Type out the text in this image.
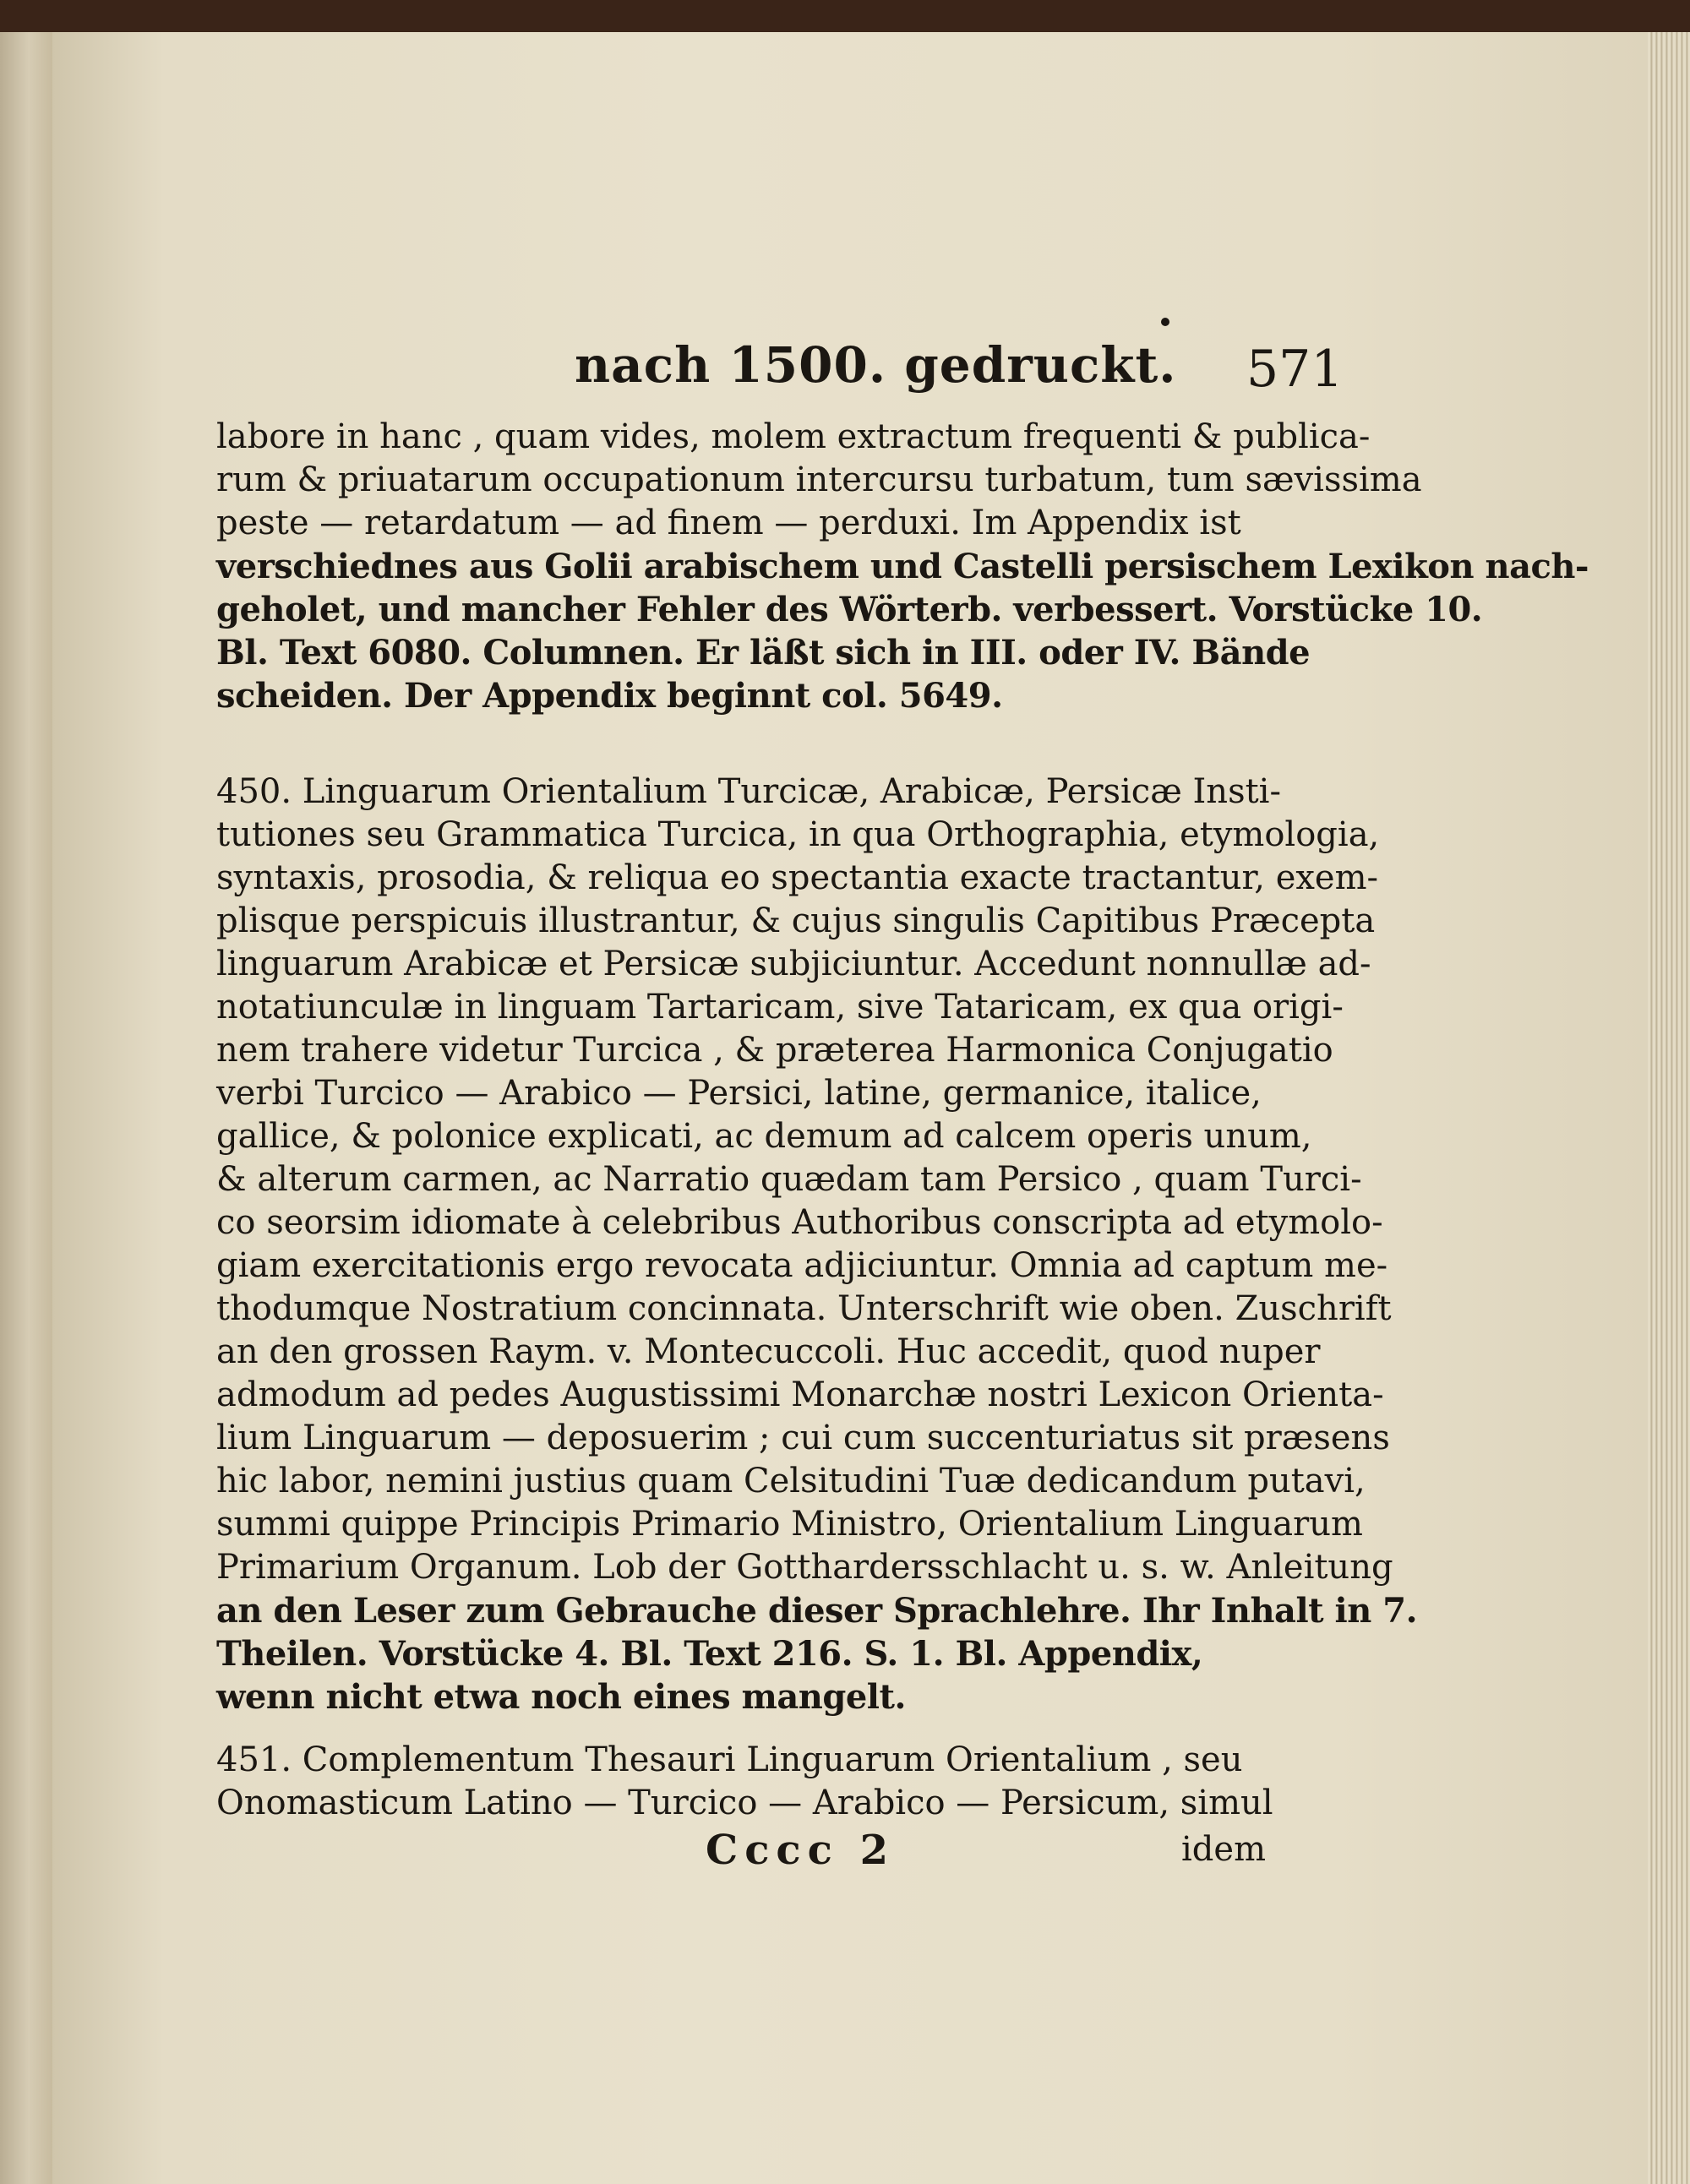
nach 1500. gedruckt. 571
labore in hanc , quam vides, molem extractum frequenti & publica-
rum & priuatarum occupationum intercursu turbatum, tum sævissima
peste — retardatum — ad finem — perduxi. Im Appendix ist
verschiednes aus Golii arabischem und Castelli persischem Lexikon nach-
geholet, und mancher Fehler des Wörterb. verbessert. Vorstücke 10.
Bl. Text 6080. Columnen. Er läßt sich in III. oder IV. Bände
scheiden. Der Appendix beginnt col. 5649.
450. Linguarum Orientalium Turcicæ, Arabicæ, Persicæ Insti-
tutiones seu Grammatica Turcica, in qua Orthographia, etymologia,
syntaxis, prosodia, & reliqua eo spectantia exacte tractantur, exem-
plisque perspicuis illustrantur, & cujus singulis Capitibus Præcepta
linguarum Arabicæ et Persicæ subjiciuntur. Accedunt nonnullæ ad-
notatiunculæ in linguam Tartaricam, sive Tataricam, ex qua origi-
nem trahere videtur Turcica , & præterea Harmonica Conjugatio
verbi Turcico — Arabico — Persici, latine, germanice, italice,
gallice, & polonice explicati, ac demum ad calcem operis unum,
& alterum carmen, ac Narratio quædam tam Persico , quam Turci-
co seorsim idiomate à celebribus Authoribus conscripta ad etymolo-
giam exercitationis ergo revocata adjiciuntur. Omnia ad captum me-
thodumque Nostratium concinnata. Unterschrift wie oben. Zuschrift
an den grossen Raym. v. Montecuccoli. Huc accedit, quod nuper
admodum ad pedes Augustissimi Monarchæ nostri Lexicon Orienta-
lium Linguarum — deposuerim ; cui cum succenturiatus sit præsens
hic labor, nemini justius quam Celsitudini Tuæ dedicandum putavi,
summi quippe Principis Primario Ministro, Orientalium Linguarum
Primarium Organum. Lob der Gotthardersschlacht u. s. w. Anleitung
an den Leser zum Gebrauche dieser Sprachlehre. Ihr Inhalt in 7.
Theilen. Vorstücke 4. Bl. Text 216. S. 1. Bl. Appendix,
wenn nicht etwa noch eines mangelt.
451. Complementum Thesauri Linguarum Orientalium , seu
Onomasticum Latino — Turcico — Arabico — Persicum, simul
Cccc 2	idem
